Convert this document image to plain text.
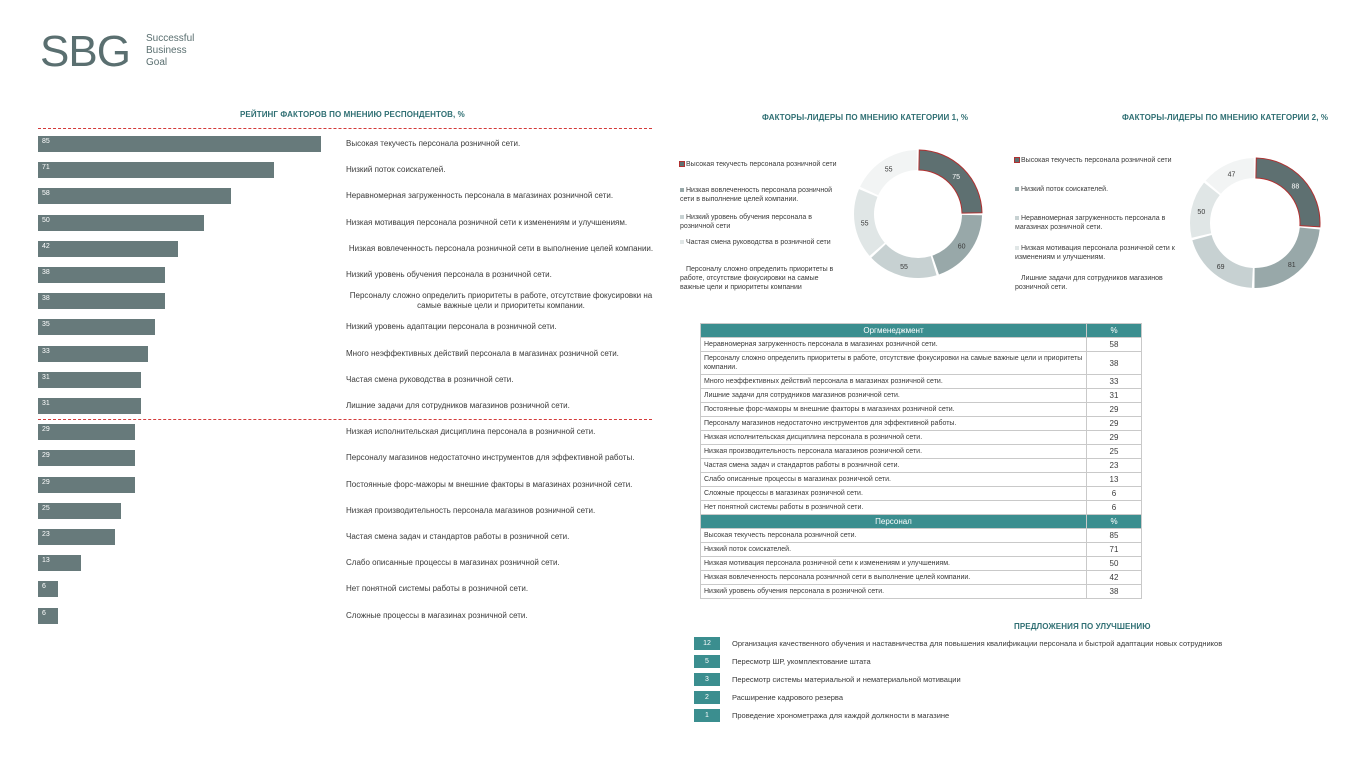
SBG Successful
Business
Goal
РЕЙТИНГ ФАКТОРОВ ПО МНЕНИЮ РЕСПОНДЕНТОВ, %
85	Высокая текучесть персонала розничной сети.
71	Низкий поток соискателей.
58	Неравномерная загруженность персонала в магазинах розничной сети.
50	Низкая мотивация персонала розничной сети к изменениям и улучшениям.
42	Низкая вовлеченность персонала розничной сети в выполнение целей компании.
38	Низкий уровень обучения персонала в розничной сети.
38	Персоналу сложно определить приоритеты в работе, отсутствие фокусировки на самые важные цели и приоритеты компании.
35	Низкий уровень адаптации персонала в розничной сети.
33	Много неэффективных действий персонала в магазинах розничной сети.
31	Частая смена руководства в розничной сети.
31	Лишние задачи для сотрудников магазинов розничной сети.
29	Низкая исполнительская дисциплина персонала в розничной сети.
29	Персоналу магазинов недостаточно инструментов для эффективной работы.
29	Постоянные форс-мажоры м внешние факторы в магазинах розничной сети.
25	Низкая производительность персонала магазинов розничной сети.
23	Частая смена задач и стандартов работы в розничной сети.
13	Слабо описанные процессы в магазинах розничной сети.
6	Нет понятной системы работы в розничной сети.
6	Сложные процессы в магазинах розничной сети.
ФАКТОРЫ-ЛИДЕРЫ ПО МНЕНИЮ КАТЕГОРИИ 1, %
Высокая текучесть персонала розничной сети
Низкая вовлеченность персонала розничной сети в выполнение целей компании.
Низкий уровень обучения персонала в розничной сети
Частая смена руководства в розничной сети
Персоналу сложно определить приоритеты в работе, отсутствие фокусировки на самые важные цели и приоритеты компании
75
60
55
55
55
ФАКТОРЫ-ЛИДЕРЫ ПО МНЕНИЮ КАТЕГОРИИ 2, %
Высокая текучесть персонала розничной сети
Низкий поток соискателей.
Неравномерная загруженность персонала в магазинах розничной сети.
Низкая мотивация персонала розничной сети к изменениям и улучшениям.
Лишние задачи для сотрудников магазинов розничной сети.
88
81
69
50
47
Оргменеджмент	%
Неравномерная загруженность персонала в магазинах розничной сети.	58
Персоналу сложно определить приоритеты в работе, отсутствие фокусировки на самые важные цели и приоритеты компании.	38
Много неэффективных действий персонала в магазинах розничной сети.	33
Лишние задачи для сотрудников магазинов розничной сети.	31
Постоянные форс-мажоры м внешние факторы в магазинах розничной сети.	29
Персоналу магазинов недостаточно инструментов для эффективной работы.	29
Низкая исполнительская дисциплина персонала в розничной сети.	29
Низкая производительность персонала магазинов розничной сети.	25
Частая смена задач и стандартов работы в розничной сети.	23
Слабо описанные процессы в магазинах розничной сети.	13
Сложные процессы в магазинах розничной сети.	6
Нет понятной системы работы в розничной сети.	6
Персонал	%
Высокая текучесть персонала розничной сети.	85
Низкий поток соискателей.	71
Низкая мотивация персонала розничной сети к изменениям и улучшениям.	50
Низкая вовлеченность персонала розничной сети в выполнение целей компании.	42
Низкий уровень обучения персонала в розничной сети.	38
ПРЕДЛОЖЕНИЯ ПО УЛУЧШЕНИЮ
12	Организация качественного обучения и наставничества для повышения квалификации персонала и быстрой адаптации новых сотрудников
5	Пересмотр ШР, укомплектование штата
3	Пересмотр системы материальной и нематериальной мотивации
2	Расширение кадрового резерва
1	Проведение хронометража для каждой должности в магазине
